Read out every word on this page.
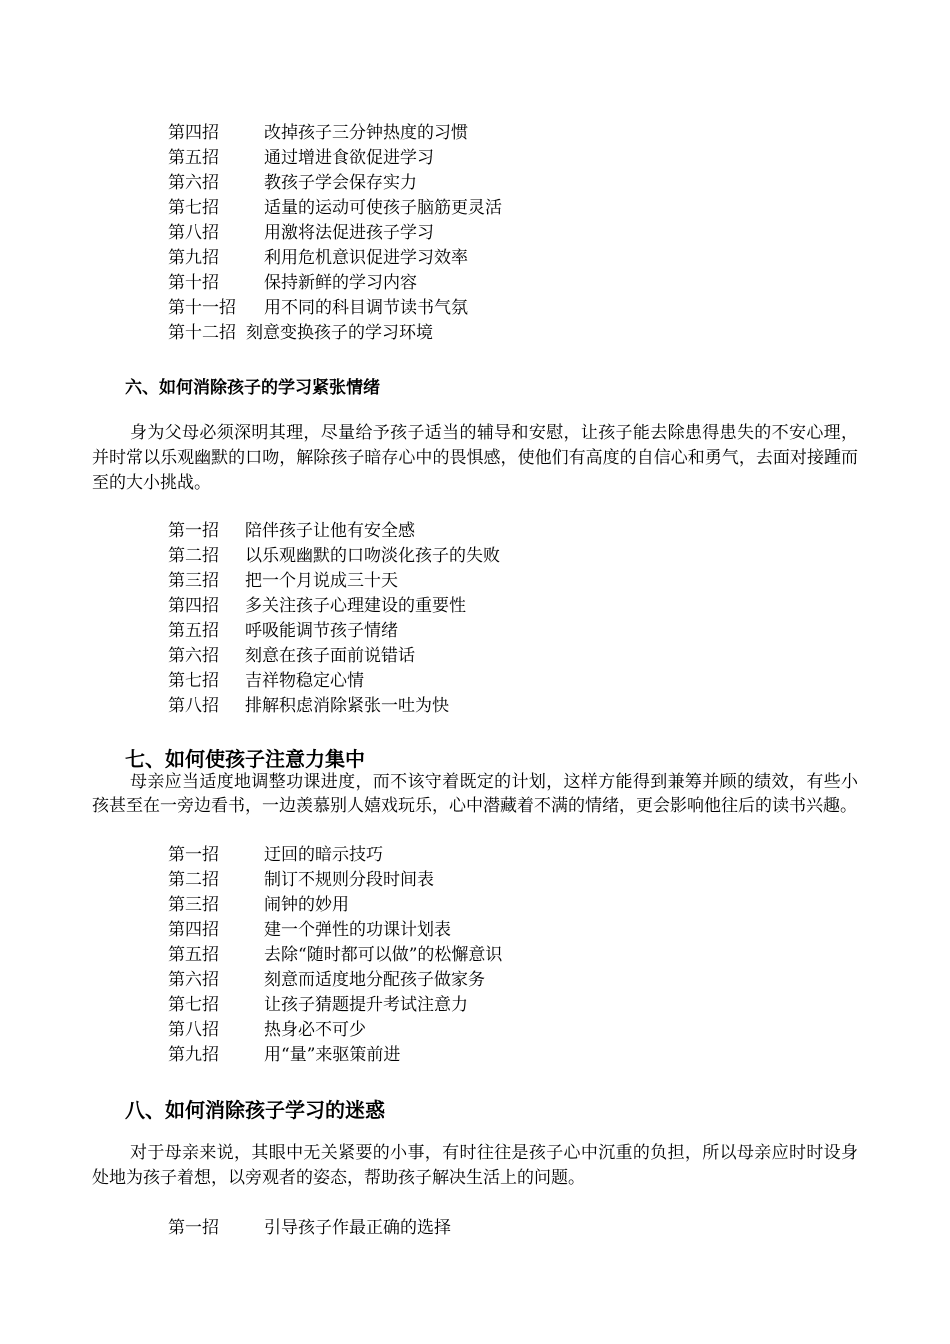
第四招	改掉孩子三分钟热度的习惯
第五招	通过增进食欲促进学习
第六招	教孩子学会保存实力
第七招	适量的运动可使孩子脑筋更灵活
第八招	用激将法促进孩子学习
第九招	利用危机意识促进学习效率
第十招	保持新鲜的学习内容
第十一招 用不同的科目调节读书气氛
第十二招 刻意变换孩子的学习环境
六、如何消除孩子的学习紧张情绪

身为父母必须深明其理，尽量给予孩子适当的辅导和安慰，让孩子能去除患得患失的不安心理，并时常以乐观幽默的口吻，解除孩子暗存心中的畏惧感，使他们有高度的自信心和勇气，去面对接踵而至的大小挑战。

第一招 陪伴孩子让他有安全感
第二招 以乐观幽默的口吻淡化孩子的失败
第三招 把一个月说成三十天
第四招 多关注孩子心理建设的重要性
第五招 呼吸能调节孩子情绪
第六招 刻意在孩子面前说错话
第七招 吉祥物稳定心情
第八招 排解积虑消除紧张一吐为快
七、如何使孩子注意力集中

母亲应当适度地调整功课进度，而不该守着既定的计划，这样方能得到兼筹并顾的绩效，有些小孩甚至在一旁边看书，一边羡慕别人嬉戏玩乐，心中潜藏着不满的情绪，更会影响他往后的读书兴趣。

第一招	迂回的暗示技巧
第二招	制订不规则分段时间表
第三招	闹钟的妙用
第四招	建一个弹性的功课计划表
第五招	去除“随时都可以做”的松懈意识
第六招	刻意而适度地分配孩子做家务
第七招	让孩子猜题提升考试注意力
第八招	热身必不可少
第九招	用“量”来驱策前进
八、如何消除孩子学习的迷惑

对于母亲来说，其眼中无关紧要的小事，有时往往是孩子心中沉重的负担，所以母亲应时时设身处地为孩子着想，以旁观者的姿态，帮助孩子解决生活上的问题。

第一招	引导孩子作最正确的选择
